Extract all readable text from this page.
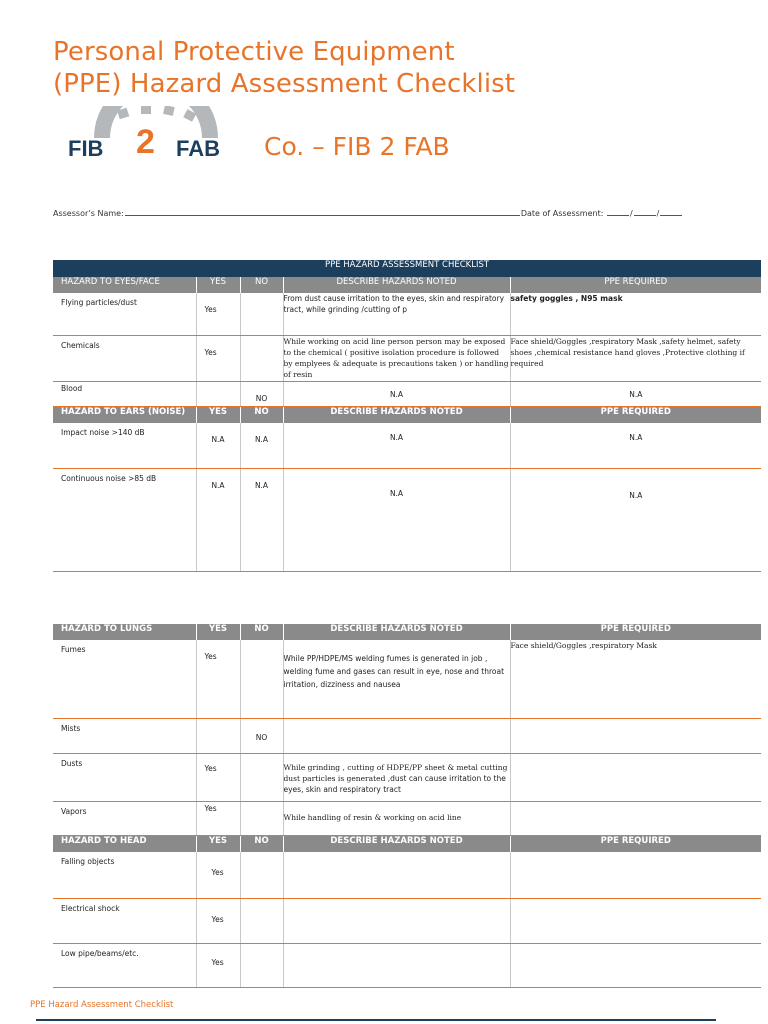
Personal Protective Equipment
(PPE) Hazard Assessment Checklist
FIB 2 FAB Co. – FIB 2 FAB
Assessor’s Name:	Date of Assessment:	/	/
PPE HAZARD ASSESSMENT CHECKLIST				
HAZARD TO EYES/FACE	YES	NO	DESCRIBE HAZARDS NOTED	PPE REQUIRED
Flying particles/dust	Yes		From dust cause irritation to the eyes, skin and respiratory tract, while grinding /cutting of p	safety goggles , N95 mask
Chemicals	Yes		While working on acid line person person may be exposed to the chemical ( positive isolation procedure is followed by emplyees & adequate is precautions taken ) or handling of resin	Face shield/Goggles ,respiratory Mask ,safety helmet, safety shoes ,chemical resistance hand gloves ,Protective clothing if required
Blood		NO	N.A	N.A
HAZARD TO EARS (NOISE)	YES	NO	DESCRIBE HAZARDS NOTED	PPE REQUIRED
Impact noise >140 dB	N.A	N.A	N.A	N.A
Continuous noise >85 dB	N.A	N.A	N.A	N.A
HAZARD TO LUNGS	YES	NO	DESCRIBE HAZARDS NOTED	PPE REQUIRED
Fumes	Yes		While PP/HDPE/MS welding fumes is generated in job , welding fume and gases can result in eye, nose and throat irritation, dizziness and nausea	Face shield/Goggles ,respiratory Mask
Mists		NO		
Dusts	Yes		While grinding , cutting of HDPE/PP sheet & metal cutting dust particles is generated ,dust can cause irritation to the eyes, skin and respiratory tract	
Vapors	Yes		While handling of resin & working on acid line	
HAZARD TO HEAD	YES	NO	DESCRIBE HAZARDS NOTED	PPE REQUIRED
Falling objects	Yes			
Electrical shock	Yes			
Low pipe/beams/etc.	Yes			
PPE Hazard Assessment Checklist
